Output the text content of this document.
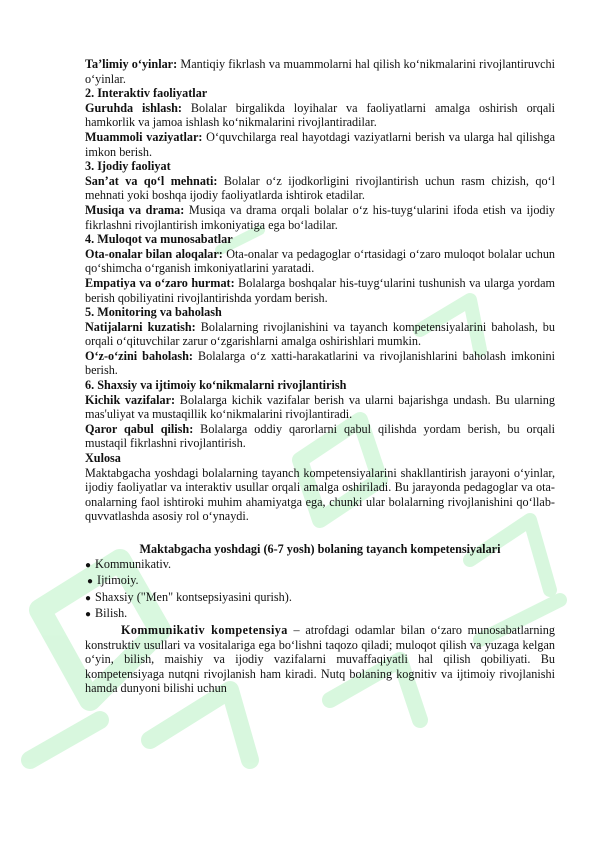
Ta’limiy o‘yinlar: Mantiqiy fikrlash va muammolarni hal qilish ko‘nikmalarini rivojlantiruvchi o‘yinlar.

2. Interaktiv faoliyatlar

Guruhda ishlash: Bolalar birgalikda loyihalar va faoliyatlarni amalga oshirish orqali hamkorlik va jamoa ishlash ko‘nikmalarini rivojlantiradilar.

Muammoli vaziyatlar: O‘quvchilarga real hayotdagi vaziyatlarni berish va ularga hal qilishga imkon berish.

3. Ijodiy faoliyat

San’at va qo‘l mehnati: Bolalar o‘z ijodkorligini rivojlantirish uchun rasm chizish, qo‘l mehnati yoki boshqa ijodiy faoliyatlarda ishtirok etadilar.

Musiqa va drama: Musiqa va drama orqali bolalar o‘z his-tuyg‘ularini ifoda etish va ijodiy fikrlashni rivojlantirish imkoniyatiga ega bo‘ladilar.

4. Muloqot va munosabatlar

Ota-onalar bilan aloqalar: Ota-onalar va pedagoglar o‘rtasidagi o‘zaro muloqot bolalar uchun qo‘shimcha o‘rganish imkoniyatlarini yaratadi.

Empatiya va o‘zaro hurmat: Bolalarga boshqalar his-tuyg‘ularini tushunish va ularga yordam berish qobiliyatini rivojlantirishda yordam berish.

5. Monitoring va baholash

Natijalarni kuzatish: Bolalarning rivojlanishini va tayanch kompetensiyalarini baholash, bu orqali o‘qituvchilar zarur o‘zgarishlarni amalga oshirishlari mumkin.

O‘z-o‘zini baholash: Bolalarga o‘z xatti-harakatlarini va rivojlanishlarini baholash imkonini berish.

6. Shaxsiy va ijtimoiy ko‘nikmalarni rivojlantirish

Kichik vazifalar: Bolalarga kichik vazifalar berish va ularni bajarishga undash. Bu ularning mas'uliyat va mustaqillik ko‘nikmalarini rivojlantiradi.

Qaror qabul qilish: Bolalarga oddiy qarorlarni qabul qilishda yordam berish, bu orqali mustaqil fikrlashni rivojlantirish.

Xulosa

Maktabgacha yoshdagi bolalarning tayanch kompetensiyalarini shakllantirish jarayoni o‘yinlar, ijodiy faoliyatlar va interaktiv usullar orqali amalga oshiriladi. Bu jarayonda pedagoglar va ota-onalarning faol ishtiroki muhim ahamiyatga ega, chunki ular bolalarning rivojlanishini qo‘llab-quvvatlashda asosiy rol o‘ynaydi.

Maktabgacha yoshdagi (6-7 yosh) bolaning tayanch kompetensiyalari

● Kommunikativ.

● Ijtimoiy.

● Shaxsiy ("Men" kontsepsiyasini qurish).

● Bilish.

Kommunikativ kompetensiya – atrofdagi odamlar bilan o‘zaro munosabatlarning konstruktiv usullari va vositalariga ega bo‘lishni taqozo qiladi; muloqot qilish va yuzaga kelgan o‘yin, bilish, maishiy va ijodiy vazifalarni muvaffaqiyatli hal qilish qobiliyati. Bu kompetensiyaga nutqni rivojlanish ham kiradi. Nutq bolaning kognitiv va ijtimoiy rivojlanishi hamda dunyoni bilishi uchun
